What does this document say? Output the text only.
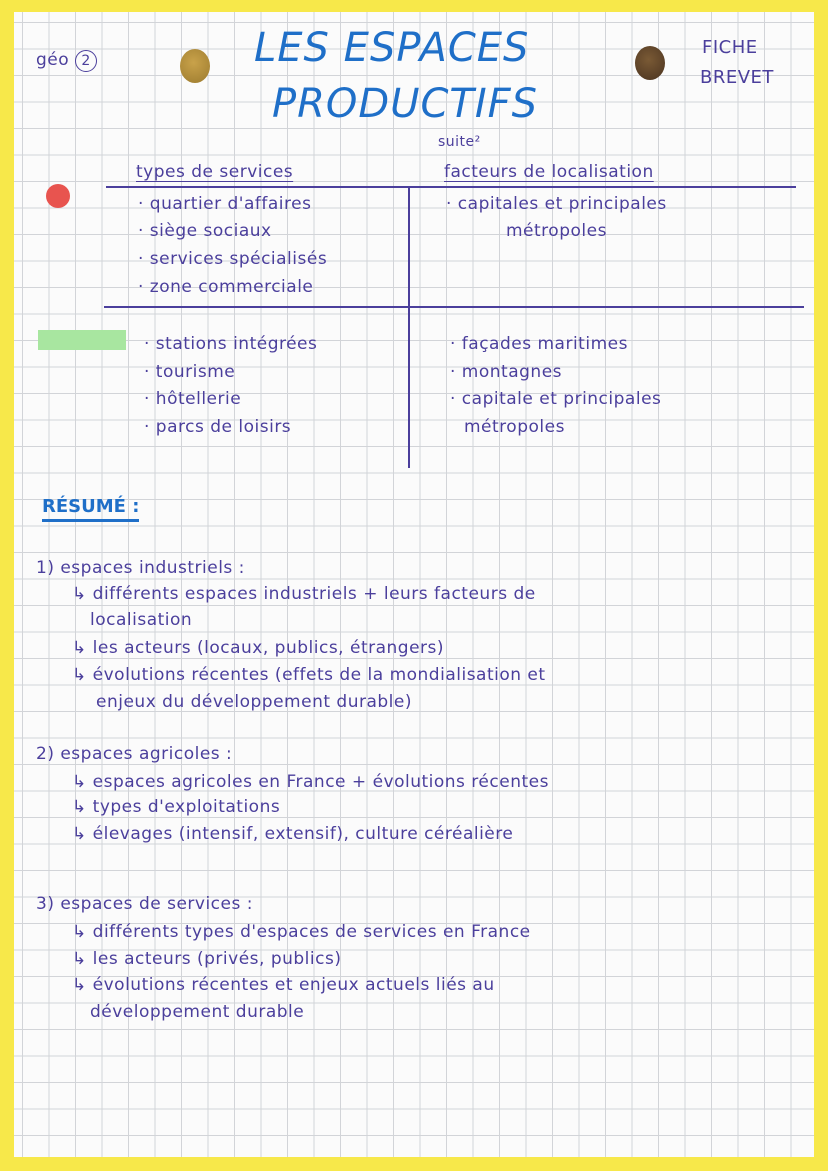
géo 2	LES ESPACES
PRODUCTIFS
suite²
FICHE
BREVET
types de services	facteurs de localisation
· quartier d'affaires
· siège sociaux
· services spécialisés
· zone commerciale
· capitales et principales
métropoles
· stations intégrées
· tourisme
· hôtellerie
· parcs de loisirs
· façades maritimes
· montagnes
· capitale et principales
métropoles
RÉSUMÉ :
1) espaces industriels :
↳ différents espaces industriels + leurs facteurs de
localisation
↳ les acteurs (locaux, publics, étrangers)
↳ évolutions récentes (effets de la mondialisation et
enjeux du développement durable)
2) espaces agricoles :
↳ espaces agricoles en France + évolutions récentes
↳ types d'exploitations
↳ élevages (intensif, extensif), culture céréalière
3) espaces de services :
↳ différents types d'espaces de services en France
↳ les acteurs (privés, publics)
↳ évolutions récentes et enjeux actuels liés au
développement durable
